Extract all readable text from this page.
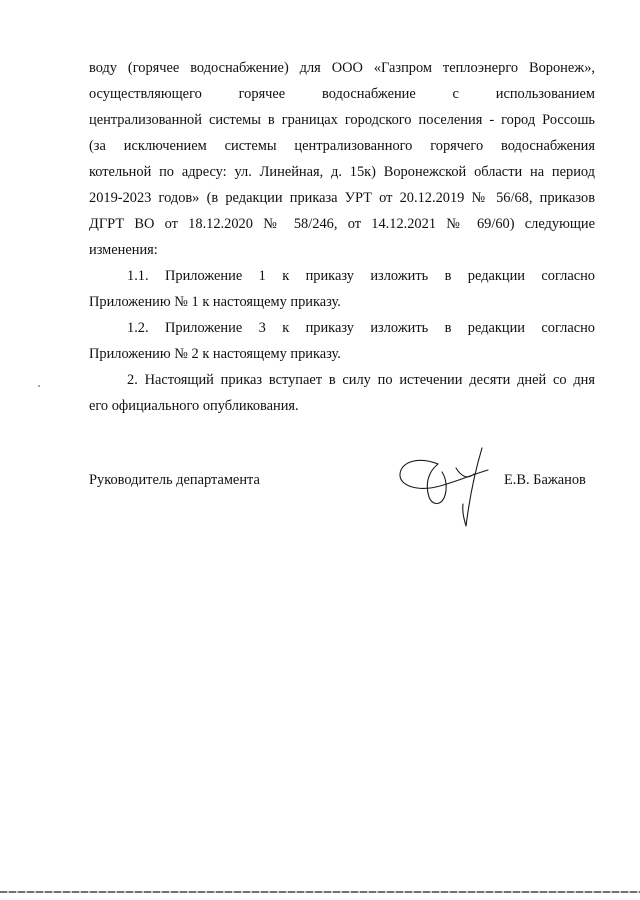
воду (горячее водоснабжение) для ООО «Газпром теплоэнерго Воронеж»,
осуществляющего горячее водоснабжение с использованием
централизованной системы в границах городского поселения - город Россошь
(за исключением системы централизованного горячего водоснабжения
котельной по адресу: ул. Линейная, д. 15к) Воронежской области на период
2019-2023 годов» (в редакции приказа УРТ от 20.12.2019 № 56/68, приказов
ДГРТ ВО от 18.12.2020 № 58/246, от 14.12.2021 № 69/60) следующие
изменения:
1.1. Приложение 1 к приказу изложить в редакции согласно
Приложению № 1 к настоящему приказу.
1.2. Приложение 3 к приказу изложить в редакции согласно
Приложению № 2 к настоящему приказу.
2. Настоящий приказ вступает в силу по истечении десяти дней со дня
его официального опубликования.
Руководитель департамента	Е.В. Бажанов
